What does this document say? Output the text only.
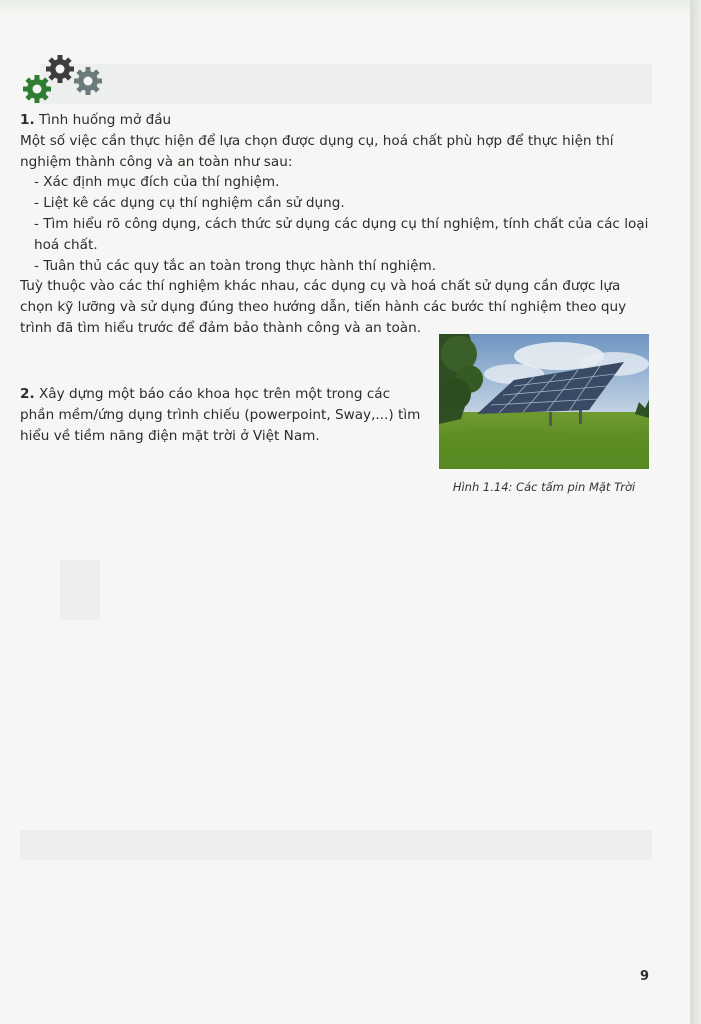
1. Tình huống mở đầu

Một số việc cần thực hiện để lựa chọn được dụng cụ, hoá chất phù hợp để thực hiện thí nghiệm thành công và an toàn như sau:

- Xác định mục đích của thí nghiệm.

- Liệt kê các dụng cụ thí nghiệm cần sử dụng.

- Tìm hiểu rõ công dụng, cách thức sử dụng các dụng cụ thí nghiệm, tính chất của các loại hoá chất.

- Tuân thủ các quy tắc an toàn trong thực hành thí nghiệm.

Tuỳ thuộc vào các thí nghiệm khác nhau, các dụng cụ và hoá chất sử dụng cần được lựa chọn kỹ lưỡng và sử dụng đúng theo hướng dẫn, tiến hành các bước thí nghiệm theo quy trình đã tìm hiểu trước để đảm bảo thành công và an toàn.

2. Xây dựng một báo cáo khoa học trên một trong các phần mềm/ứng dụng trình chiếu (powerpoint, Sway,...) tìm hiểu về tiềm năng điện mặt trời ở Việt Nam.

Hình 1.14: Các tấm pin Mặt Trời
9
